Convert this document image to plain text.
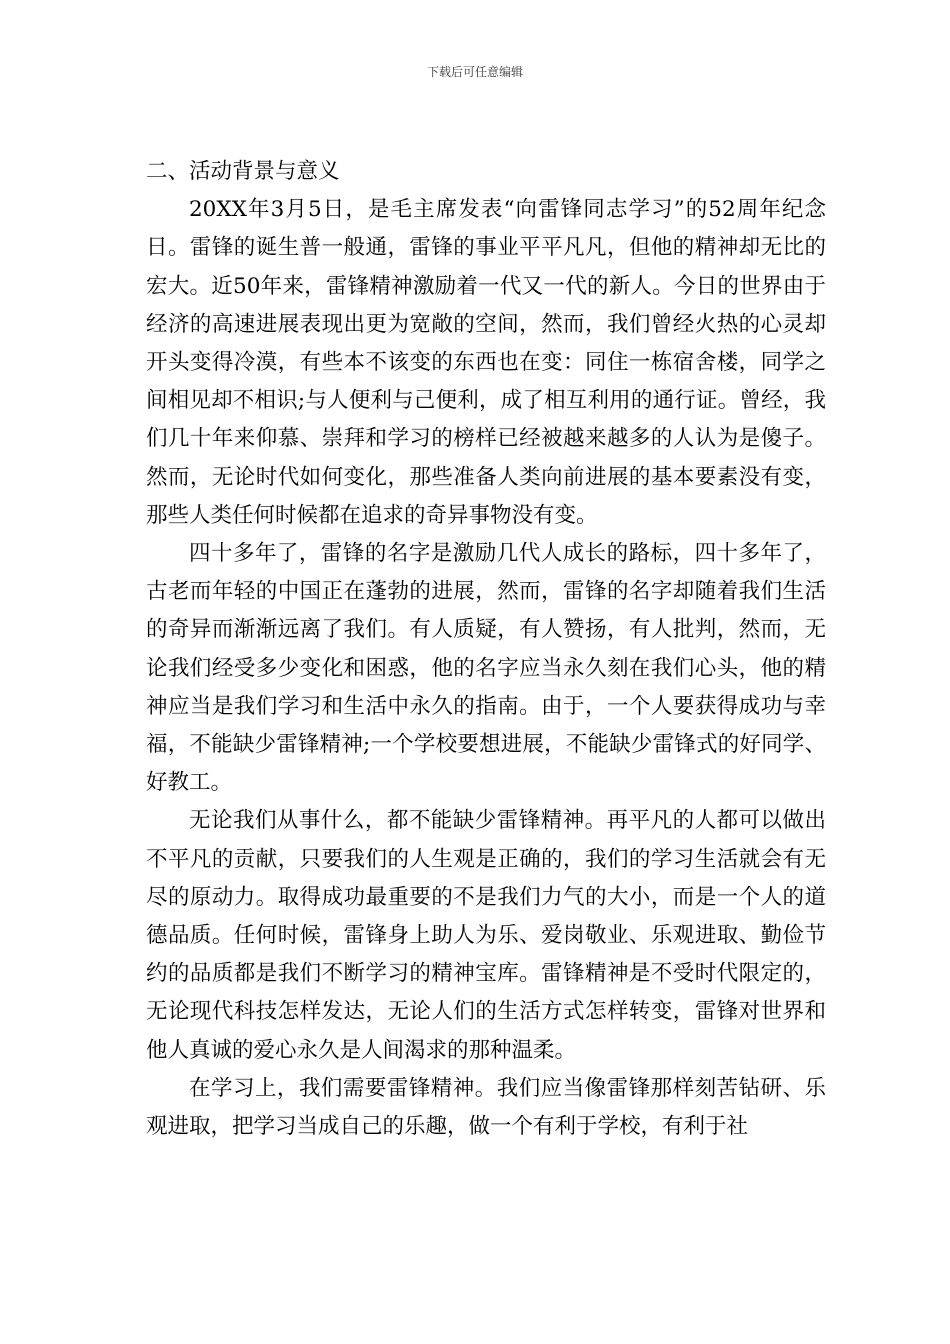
下载后可任意编辑
二、活动背景与意义

20XX年3月5日，是毛主席发表“向雷锋同志学习”的52周年纪念日。雷锋的诞生普一般通，雷锋的事业平平凡凡，但他的精神却无比的宏大。近50年来，雷锋精神激励着一代又一代的新人。今日的世界由于经济的高速进展表现出更为宽敞的空间，然而，我们曾经火热的心灵却开头变得冷漠，有些本不该变的东西也在变：同住一栋宿舍楼，同学之间相见却不相识;与人便利与己便利，成了相互利用的通行证。曾经，我们几十年来仰慕、崇拜和学习的榜样已经被越来越多的人认为是傻子。然而，无论时代如何变化，那些准备人类向前进展的基本要素没有变，那些人类任何时候都在追求的奇异事物没有变。

四十多年了，雷锋的名字是激励几代人成长的路标，四十多年了，古老而年轻的中国正在蓬勃的进展，然而，雷锋的名字却随着我们生活的奇异而渐渐远离了我们。有人质疑，有人赞扬，有人批判，然而，无论我们经受多少变化和困惑，他的名字应当永久刻在我们心头，他的精神应当是我们学习和生活中永久的指南。由于，一个人要获得成功与幸福，不能缺少雷锋精神;一个学校要想进展，不能缺少雷锋式的好同学、好教工。

无论我们从事什么，都不能缺少雷锋精神。再平凡的人都可以做出不平凡的贡献，只要我们的人生观是正确的，我们的学习生活就会有无尽的原动力。取得成功最重要的不是我们力气的大小，而是一个人的道德品质。任何时候，雷锋身上助人为乐、爱岗敬业、乐观进取、勤俭节约的品质都是我们不断学习的精神宝库。雷锋精神是不受时代限定的，无论现代科技怎样发达，无论人们的生活方式怎样转变，雷锋对世界和他人真诚的爱心永久是人间渴求的那种温柔。

在学习上，我们需要雷锋精神。我们应当像雷锋那样刻苦钻研、乐观进取，把学习当成自己的乐趣，做一个有利于学校，有利于社
